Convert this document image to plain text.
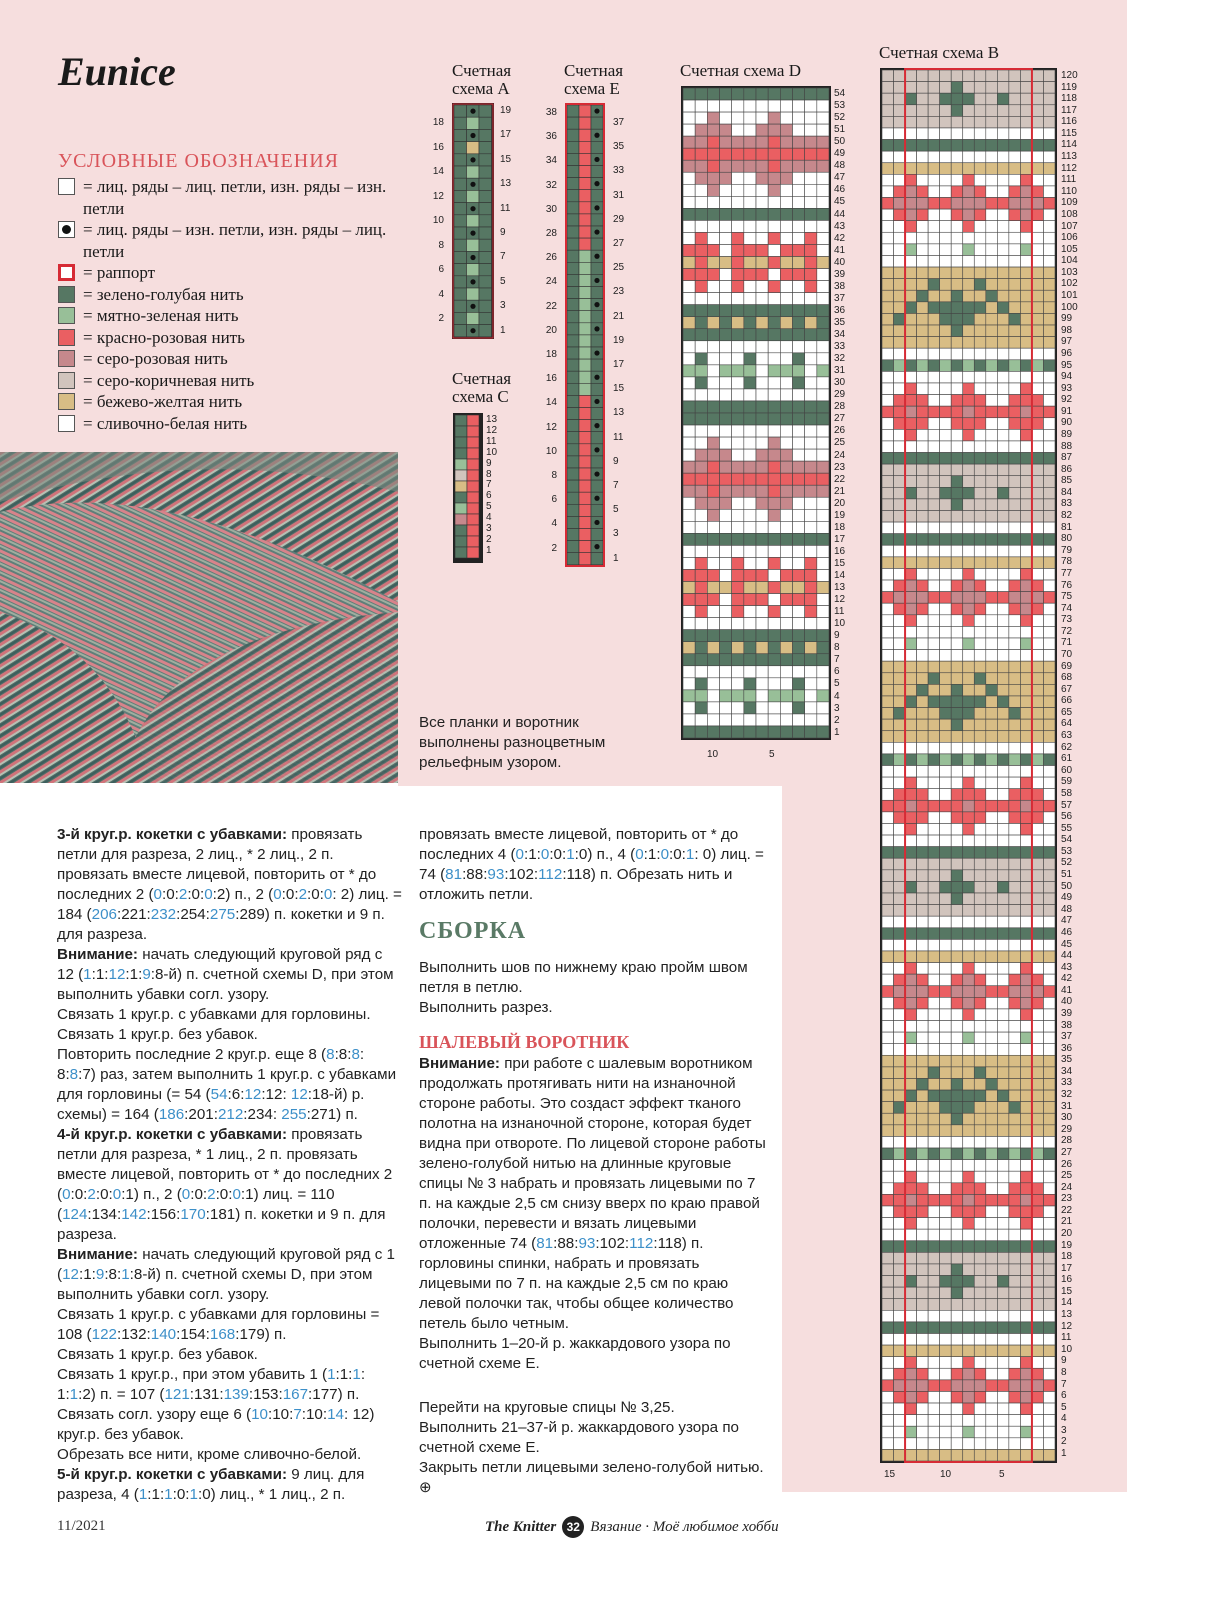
Eunice
УСЛОВНЫЕ ОБОЗНАЧЕНИЯ
= лиц. ряды – лиц. петли, изн. ряды – изн. петли
= лиц. ряды – изн. петли, изн. ряды – лиц. петли
= раппорт
= зелено-голубая нить
= мятно-зеленая нить
= красно-розовая нить
= серо-розовая нить
= серо-коричневая нить
= бежево-желтая нить
= сливочно-белая нить
Счетная схема A
Счетная схема E
Счетная схема C
Счетная схема D
Счетная схема B
18
16
14
12
10
8
6
4
2
19
17
15
13
11
9
7
5
3
1
38
36
34
32
30
28
26
24
22
20
18
16
14
12
10
8
6
4
2
37
35
33
31
29
27
25
23
21
19
17
15
13
11
9
7
5
3
1
13
12
11
10
9
8
7
6
5
4
3
2
1
54
53
52
51
50
49
48
47
46
45
44
43
42
41
40
39
38
37
36
35
34
33
32
31
30
29
28
27
26
25
24
23
22
21
20
19
18
17
16
15
14
13
12
11
10
9
8
7
6
5
4
3
2
1
10	5
120
119
118
117
116
115
114
113
112
111
110
109
108
107
106
105
104
103
102
101
100
99
98
97
96
95
94
93
92
91
90
89
88
87
86
85
84
83
82
81
80
79
78
77
76
75
74
73
72
71
70
69
68
67
66
65
64
63
62
61
60
59
58
57
56
55
54
53
52
51
50
49
48
47
46
45
44
43
42
41
40
39
38
37
36
35
34
33
32
31
30
29
28
27
26
25
24
23
22
21
20
19
18
17
16
15
14
13
12
11
10
9
8
7
6
5
4
3
2
1
15	10	5
Все планки и воротник выполнены разноцветным рельефным узором.
3-й круг.р. кокетки с убавками: провязать петли для разреза, 2 лиц., * 2 лиц., 2 п. провязать вместе лицевой, повторить от * до последних 2 (0:0:2:0:0:2) п., 2 (0:0:2:0:0: 2) лиц. = 184 (206:221:232:254:275:289) п. кокетки и 9 п. для разреза.
Внимание: начать следующий круговой ряд с 12 (1:1:12:1:9:8-й) п. счетной схемы D, при этом выполнить убавки согл. узору.
Связать 1 круг.р. с убавками для горловины.
Связать 1 круг.р. без убавок.
Повторить последние 2 круг.р. еще 8 (8:8:8: 8:8:7) раз, затем выполнить 1 круг.р. с убавками для горловины (= 54 (54:6:12:12: 12:18-й) р. схемы) = 164 (186:201:212:234: 255:271) п.
4-й круг.р. кокетки с убавками: провязать петли для разреза, * 1 лиц., 2 п. провязать вместе лицевой, повторить от * до последних 2 (0:0:2:0:0:1) п., 2 (0:0:2:0:0:1) лиц. = 110 (124:134:142:156:170:181) п. кокетки и 9 п. для разреза.
Внимание: начать следующий круговой ряд с 1 (12:1:9:8:1:8-й) п. счетной схемы D, при этом выполнить убавки согл. узору.
Связать 1 круг.р. с убавками для горловины = 108 (122:132:140:154:168:179) п.
Связать 1 круг.р. без убавок.
Связать 1 круг.р., при этом убавить 1 (1:1:1: 1:1:2) п. = 107 (121:131:139:153:167:177) п.
Связать согл. узору еще 6 (10:10:7:10:14: 12) круг.р. без убавок.
Обрезать все нити, кроме сливочно-белой.
5-й круг.р. кокетки с убавками: 9 лиц. для разреза, 4 (1:1:1:0:1:0) лиц., * 1 лиц., 2 п.
провязать вместе лицевой, повторить от * до последних 4 (0:1:0:0:1:0) п., 4 (0:1:0:0:1: 0) лиц. = 74 (81:88:93:102:112:118) п. Обрезать нить и отложить петли.
СБОРКА
Выполнить шов по нижнему краю пройм швом петля в петлю.
Выполнить разрез.
ШАЛЕВЫЙ ВОРОТНИК
Внимание: при работе с шалевым воротником продолжать протягивать нити на изнаночной стороне работы. Это создаст эффект тканого полотна на изнаночной стороне, которая будет видна при отвороте. По лицевой стороне работы зелено-голубой нитью на длинные круговые спицы № 3 набрать и провязать лицевыми по 7 п. на каждые 2,5 см снизу вверх по краю правой полочки, перевести и вязать лицевыми отложенные 74 (81:88:93:102:112:118) п. горловины спинки, набрать и провязать лицевыми по 7 п. на каждые 2,5 см по краю левой полочки так, чтобы общее количество петель было четным.
Выполнить 1–20-й р. жаккардового узора по счетной схеме E.
Перейти на круговые спицы № 3,25.
Выполнить 21–37-й р. жаккардового узора по счетной схеме E.
Закрыть петли лицевыми зелено-голубой нитью. ⊕
11/2021	The Knitter 32 Вязание · Моё любимое хобби
